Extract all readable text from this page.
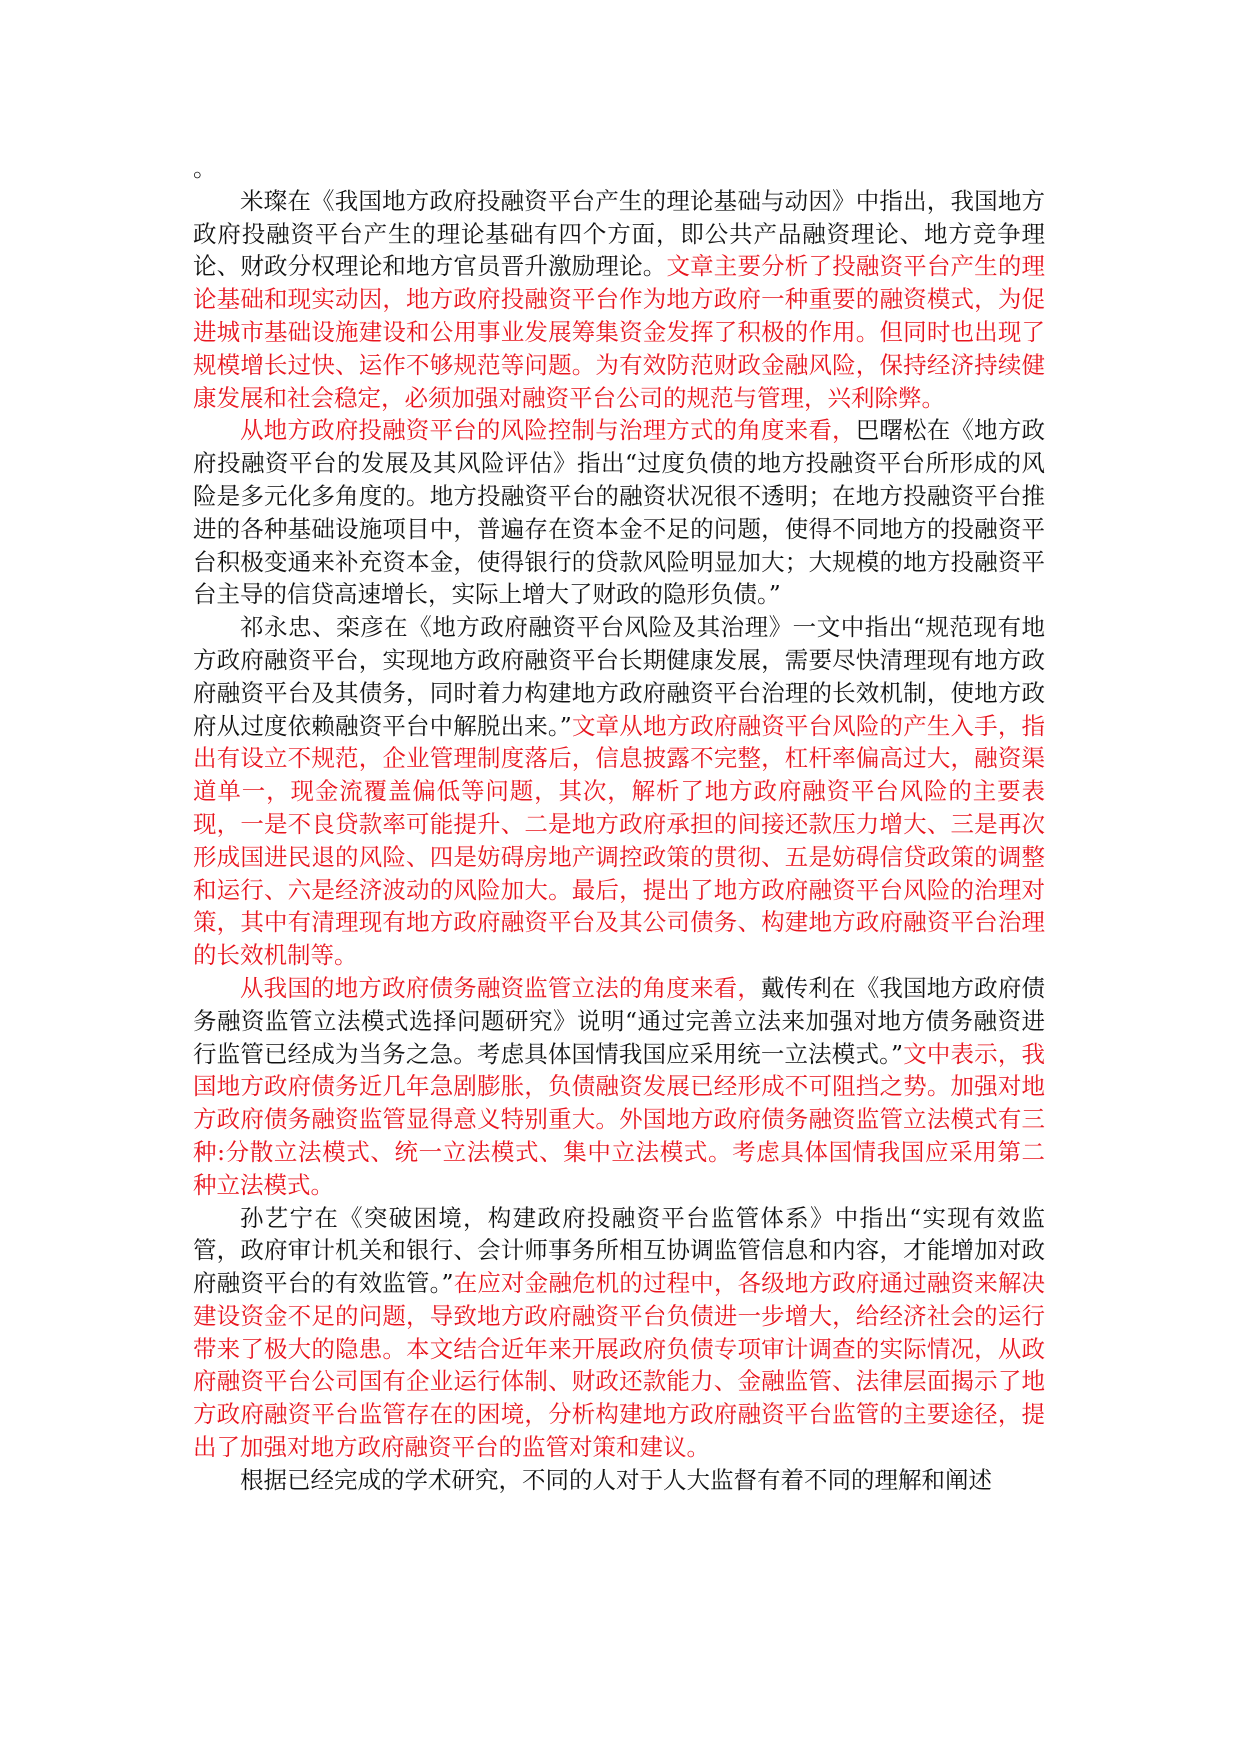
。

米璨在《我国地方政府投融资平台产生的理论基础与动因》中指出，我国地方政府投融资平台产生的理论基础有四个方面，即公共产品融资理论、地方竞争理论、财政分权理论和地方官员晋升激励理论。文章主要分析了投融资平台产生的理论基础和现实动因，地方政府投融资平台作为地方政府一种重要的融资模式，为促进城市基础设施建设和公用事业发展筹集资金发挥了积极的作用。但同时也出现了规模增长过快、运作不够规范等问题。为有效防范财政金融风险，保持经济持续健康发展和社会稳定，必须加强对融资平台公司的规范与管理，兴利除弊。

从地方政府投融资平台的风险控制与治理方式的角度来看，巴曙松在《地方政府投融资平台的发展及其风险评估》指出“过度负债的地方投融资平台所形成的风险是多元化多角度的。地方投融资平台的融资状况很不透明；在地方投融资平台推进的各种基础设施项目中，普遍存在资本金不足的问题，使得不同地方的投融资平台积极变通来补充资本金，使得银行的贷款风险明显加大；大规模的地方投融资平台主导的信贷高速增长，实际上增大了财政的隐形负债。”

祁永忠、栾彦在《地方政府融资平台风险及其治理》一文中指出“规范现有地方政府融资平台，实现地方政府融资平台长期健康发展，需要尽快清理现有地方政府融资平台及其债务，同时着力构建地方政府融资平台治理的长效机制，使地方政府从过度依赖融资平台中解脱出来。”文章从地方政府融资平台风险的产生入手，指出有设立不规范，企业管理制度落后，信息披露不完整，杠杆率偏高过大，融资渠道单一，现金流覆盖偏低等问题，其次，解析了地方政府融资平台风险的主要表现，一是不良贷款率可能提升、二是地方政府承担的间接还款压力增大、三是再次形成国进民退的风险、四是妨碍房地产调控政策的贯彻、五是妨碍信贷政策的调整和运行、六是经济波动的风险加大。最后，提出了地方政府融资平台风险的治理对策，其中有清理现有地方政府融资平台及其公司债务、构建地方政府融资平台治理的长效机制等。

从我国的地方政府债务融资监管立法的角度来看，戴传利在《我国地方政府债务融资监管立法模式选择问题研究》说明“通过完善立法来加强对地方债务融资进行监管已经成为当务之急。考虑具体国情我国应采用统一立法模式。”文中表示，我国地方政府债务近几年急剧膨胀，负债融资发展已经形成不可阻挡之势。加强对地方政府债务融资监管显得意义特别重大。外国地方政府债务融资监管立法模式有三种:分散立法模式、统一立法模式、集中立法模式。考虑具体国情我国应采用第二种立法模式。

孙艺宁在《突破困境，构建政府投融资平台监管体系》中指出“实现有效监管，政府审计机关和银行、会计师事务所相互协调监管信息和内容，才能增加对政府融资平台的有效监管。”在应对金融危机的过程中，各级地方政府通过融资来解决建设资金不足的问题，导致地方政府融资平台负债进一步增大，给经济社会的运行带来了极大的隐患。本文结合近年来开展政府负债专项审计调查的实际情况，从政府融资平台公司国有企业运行体制、财政还款能力、金融监管、法律层面揭示了地方政府融资平台监管存在的困境，分析构建地方政府融资平台监管的主要途径，提出了加强对地方政府融资平台的监管对策和建议。

根据已经完成的学术研究，不同的人对于人大监督有着不同的理解和阐述
